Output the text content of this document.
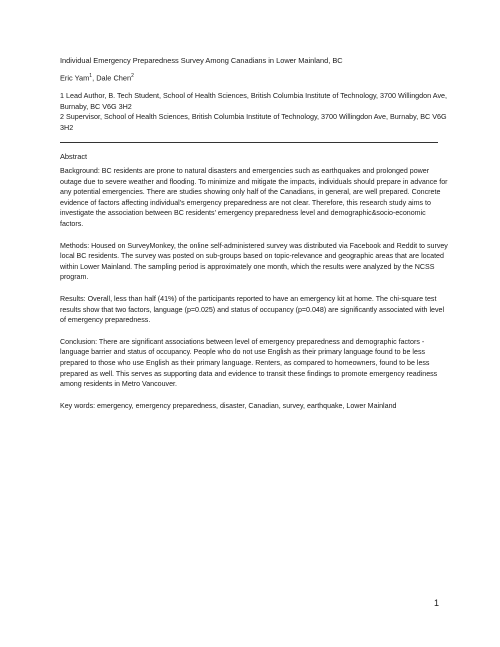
Individual Emergency Preparedness Survey Among Canadians in Lower Mainland, BC
Eric Yam$^1$, Dale Chen$^2$

1 Lead Author, B. Tech Student, School of Health Sciences, British Columbia Institute of Technology, 3700 Willingdon Ave, Burnaby, BC V6G 3H2

2 Supervisor, School of Health Sciences, British Columbia Institute of Technology, 3700 Willingdon Ave, Burnaby, BC V6G 3H2

Abstract

Background: BC residents are prone to natural disasters and emergencies such as earthquakes and prolonged power outage due to severe weather and flooding. To minimize and mitigate the impacts, individuals should prepare in advance for any potential emergencies. There are studies showing only half of the Canadians, in general, are well prepared. Concrete evidence of factors affecting individual's emergency preparedness are not clear. Therefore, this research study aims to investigate the association between BC residents' emergency preparedness level and demographic&socio-economic factors.

Methods: Housed on SurveyMonkey, the online self-administered survey was distributed via Facebook and Reddit to survey local BC residents. The survey was posted on sub-groups based on topic-relevance and geographic areas that are located within Lower Mainland. The sampling period is approximately one month, which the results were analyzed by the NCSS program.

Results: Overall, less than half (41%) of the participants reported to have an emergency kit at home. The chi-square test results show that two factors, language (p=0.025) and status of occupancy (p=0.048) are significantly associated with level of emergency preparedness.

Conclusion: There are significant associations between level of emergency preparedness and demographic factors - language barrier and status of occupancy. People who do not use English as their primary language found to be less prepared to those who use English as their primary language. Renters, as compared to homeowners, found to be less prepared as well. This serves as supporting data and evidence to transit these findings to promote emergency readiness among residents in Metro Vancouver.

Key words: emergency, emergency preparedness, disaster, Canadian, survey, earthquake, Lower Mainland

1
